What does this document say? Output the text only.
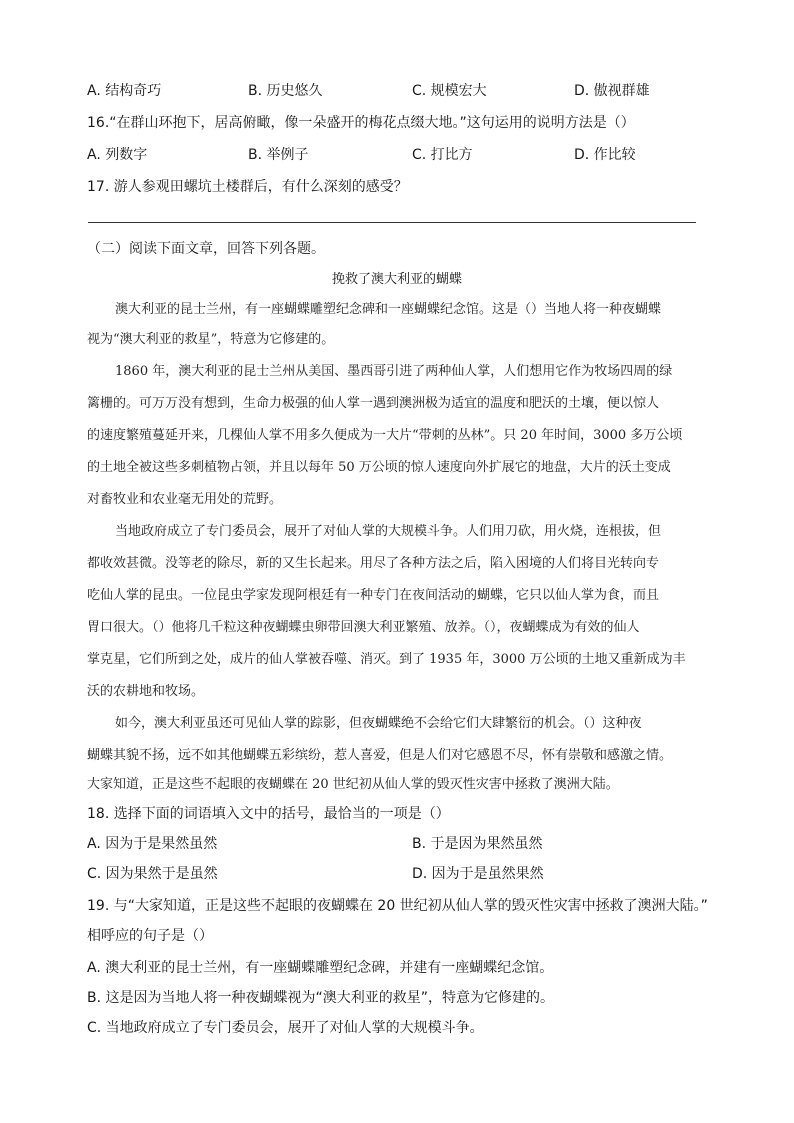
A. 结构奇巧	B. 历史悠久	C. 规模宏大	D. 傲视群雄
16.“在群山环抱下，居高俯瞰，像一朵盛开的梅花点缀大地。”这句运用的说明方法是（）
A. 列数字	B. 举例子	C. 打比方	D. 作比较
17. 游人参观田螺坑土楼群后，有什么深刻的感受？
（二）阅读下面文章，回答下列各题。
挽救了澳大利亚的蝴蝶
澳大利亚的昆士兰州，有一座蝴蝶雕塑纪念碑和一座蝴蝶纪念馆。这是（）当地人将一种夜蝴蝶
视为“澳大利亚的救星”，特意为它修建的。
1860 年，澳大利亚的昆士兰州从美国、墨西哥引进了两种仙人掌，人们想用它作为牧场四周的绿
篱栅的。可万万没有想到，生命力极强的仙人掌一遇到澳洲极为适宜的温度和肥沃的土壤，便以惊人
的速度繁殖蔓延开来，几棵仙人掌不用多久便成为一大片“带刺的丛林”。只 20 年时间，3000 多万公顷
的土地全被这些多刺植物占领，并且以每年 50 万公顷的惊人速度向外扩展它的地盘，大片的沃土变成
对畜牧业和农业毫无用处的荒野。
当地政府成立了专门委员会，展开了对仙人掌的大规模斗争。人们用刀砍，用火烧，连根拔，但
都收效甚微。没等老的除尽，新的又生长起来。用尽了各种方法之后，陷入困境的人们将目光转向专
吃仙人掌的昆虫。一位昆虫学家发现阿根廷有一种专门在夜间活动的蝴蝶，它只以仙人掌为食，而且
胃口很大。（）他将几千粒这种夜蝴蝶虫卵带回澳大利亚繁殖、放养。（），夜蝴蝶成为有效的仙人
掌克星，它们所到之处，成片的仙人掌被吞噬、消灭。到了 1935 年，3000 万公顷的土地又重新成为丰
沃的农耕地和牧场。
如今，澳大利亚虽还可见仙人掌的踪影，但夜蝴蝶绝不会给它们大肆繁衍的机会。（）这种夜
蝴蝶其貌不扬，远不如其他蝴蝶五彩缤纷，惹人喜爱，但是人们对它感恩不尽，怀有崇敬和感激之情。
大家知道，正是这些不起眼的夜蝴蝶在 20 世纪初从仙人掌的毁灭性灾害中拯救了澳洲大陆。
18. 选择下面的词语填入文中的括号，最恰当的一项是（）
A. 因为于是果然虽然	B. 于是因为果然虽然
C. 因为果然于是虽然	D. 因为于是虽然果然
19. 与“大家知道，正是这些不起眼的夜蝴蝶在 20 世纪初从仙人掌的毁灭性灾害中拯救了澳洲大陆。”
相呼应的句子是（）
A. 澳大利亚的昆士兰州，有一座蝴蝶雕塑纪念碑，并建有一座蝴蝶纪念馆。
B. 这是因为当地人将一种夜蝴蝶视为“澳大利亚的救星”，特意为它修建的。
C. 当地政府成立了专门委员会，展开了对仙人掌的大规模斗争。
